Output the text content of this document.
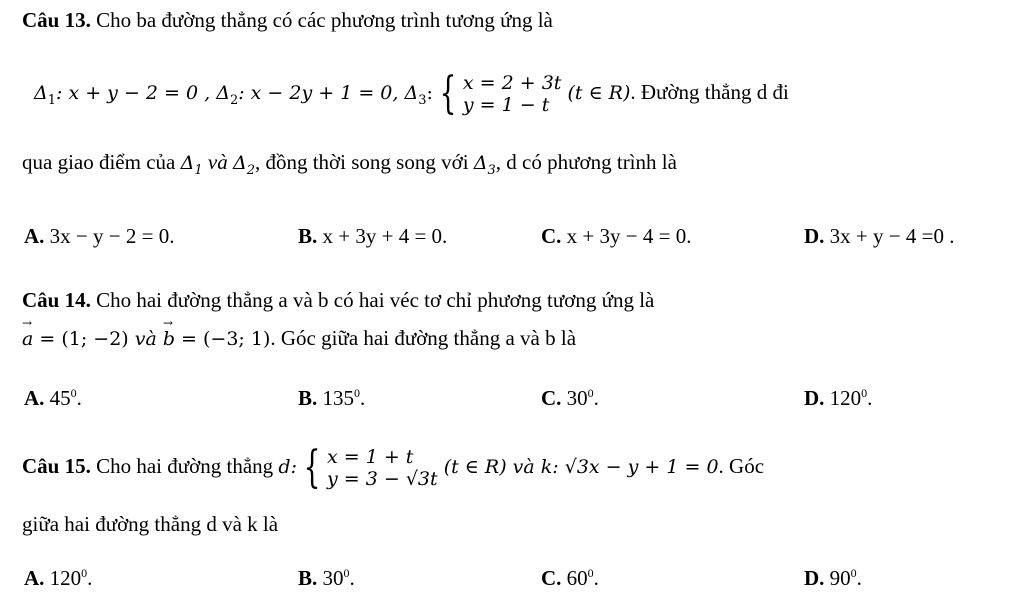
Câu 13. Cho ba đường thẳng có các phương trình tương ứng là
$\Delta_1$: x + y − 2 = 0 , $\Delta_2$: x − 2y + 1 = 0, $\Delta_3$: { x = 2 + 3t
y = 1 − t
(t ∈ R). Đường thẳng d đi
qua giao điểm của $\Delta_1$ và $\Delta_2$, đồng thời song song với $\Delta_3$, d có phương trình là
A. 3x − y − 2 = 0.	B. x + 3y + 4 = 0.	C. x + 3y − 4 = 0.	D. 3x + y − 4 =0 .
Câu 14. Cho hai đường thẳng a và b có hai véc tơ chỉ phương tương ứng là
→ a = (1; −2) và → b = (−3; 1). Góc giữa hai đường thẳng a và b là
A. $45^0$.	B. $135^0$.	C. $30^0$.	D. $120^0$.
Câu 15. Cho hai đường thẳng d: { x = 1 + t
y = 3 − √3t
(t ∈ R) và k: √3x − y + 1 = 0. Góc
giữa hai đường thẳng d và k là
A. $120^0$.	B. $30^0$.	C. $60^0$.	D. $90^0$.
